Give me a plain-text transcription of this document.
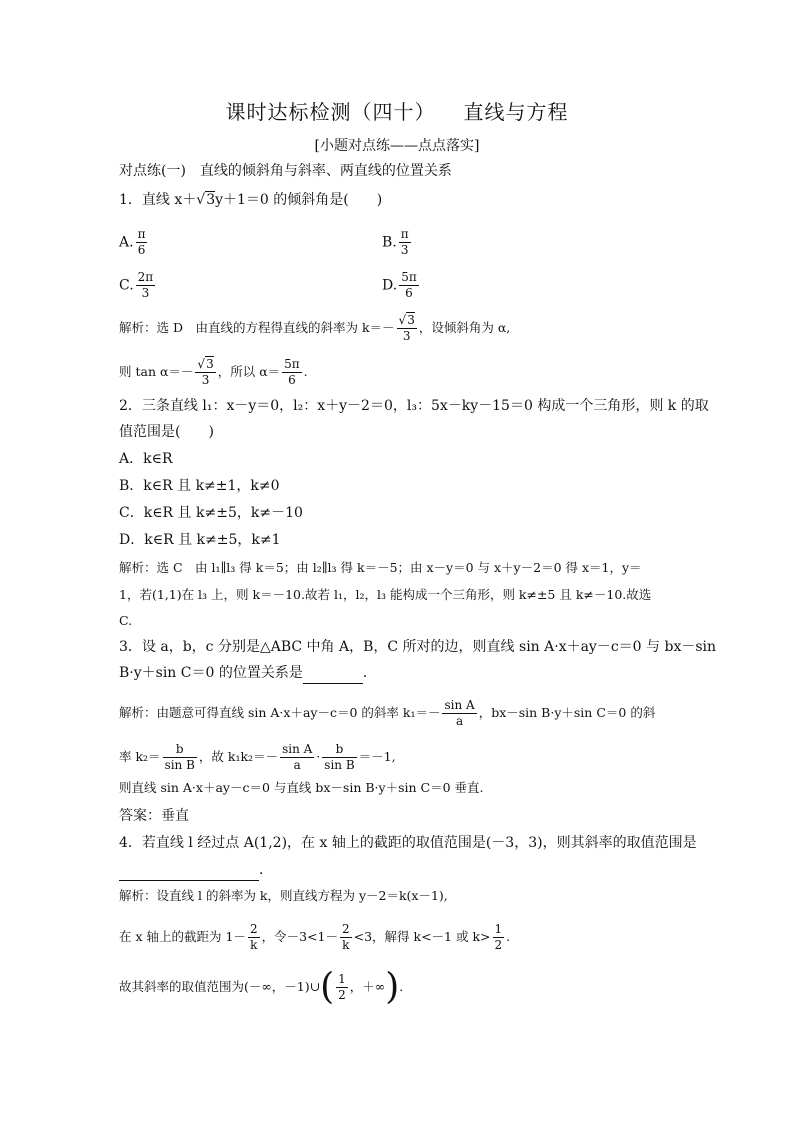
课时达标检测（四十） 直线与方程
[小题对点练——点点落实]
对点练(一)　直线的倾斜角与斜率、两直线的位置关系
1．直线 x＋√3y＋1＝0 的倾斜角是(　　)
A. $\frac{\pi}{6}$	B. $\frac{\pi}{3}$
C. $\frac{2\pi}{3}$	D. $\frac{5\pi}{6}$
解析：选 D　由直线的方程得直线的斜率为 $k=- \frac{√3}{3}$ ，设倾斜角为 α,
则 $\tan \alpha=- \frac{√3}{3}$ ，所以 $\alpha= \frac{5\pi}{6}$ .
2．三条直线 l₁：x－y＝0，l₂：x＋y－2＝0，l₃：5x－ky－15＝0 构成一个三角形，则 k 的取
值范围是(　　)
A．k∈R
B．k∈R 且 k≠±1，k≠0
C．k∈R 且 k≠±5，k≠－10
D．k∈R 且 k≠±5，k≠1
解析：选 C　由 l₁∥l₃ 得 k＝5；由 l₂∥l₃ 得 k＝－5；由 x－y＝0 与 x＋y－2＝0 得 x＝1，y＝
1，若(1,1)在 l₃ 上，则 k＝－10.故若 l₁，l₂，l₃ 能构成一个三角形，则 k≠±5 且 k≠－10.故选
C.
3．设 a，b，c 分别是△ABC 中角 A，B，C 所对的边，则直线 sin A·x＋ay－c＝0 与 bx－sin
B·y＋sin C＝0 的位置关系是	．
解析：由题意可得直线 sin A·x＋ay－c＝0 的斜率 $k_1=- \frac{\text{sin A}}{a}$ ，bx－sin B·y＋sin C＝0 的斜
率 $k_2= \frac{b}{\text{sin B}}$ ，故 $k_1k_2=- \frac{\text{sin A}}{a} \cdot \frac{b}{\text{sin B}} =-1$,
则直线 sin A·x＋ay－c＝0 与直线 bx－sin B·y＋sin C＝0 垂直.
答案：垂直
4．若直线 l 经过点 A(1,2)，在 x 轴上的截距的取值范围是(－3，3)，则其斜率的取值范围是
．
解析：设直线 l 的斜率为 k，则直线方程为 y－2＝k(x－1),
在 x 轴上的截距为 $1- \frac{2}{k}$ ，令$-3<1- \frac{2}{k} <3$，解得 k<－1 或 $k> \frac{1}{2}$ .
故其斜率的取值范围为(－∞，－1)∪( $\frac{1}{2}$ ，＋∞).
